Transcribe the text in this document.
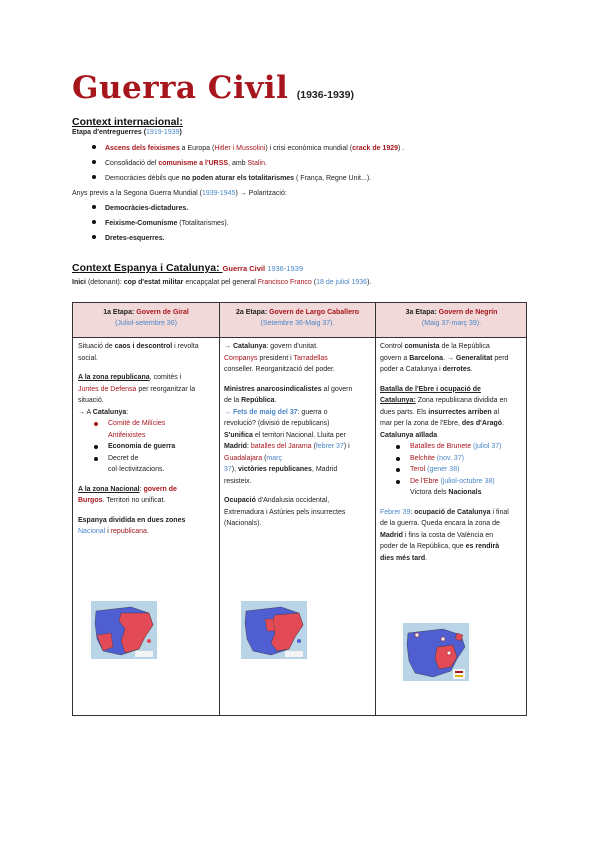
Guerra Civil (1936-1939)
Context internacional:
Etapa d'entreguerres (1919-1939)
Ascens dels feixismes a Europa (Hitler i Mussolini) i crisi econòmica mundial (crack de 1929) .
Consolidació del comunisme a l'URSS, amb Stalin.
Democràcies dèbils que no poden aturar els totalitarismes ( França, Regne Unit...).
Anys previs a la Segona Guerra Mundial (1939-1945) → Polarització:
Democràcies-dictadures.
Feixisme-Comunisme (Totalitarismes).
Dretes-esquerres.
Context Espanya i Catalunya: Guerra Civil 1936-1939
Inici (detonant): cop d'estat militar encapçalat pel general Francisco Franco (18 de juliol 1936).
1a Etapa: Govern de Giral
(Juliol-setembre 36)
2a Etapa: Govern de Largo Caballero
(Setembre 36-Maig 37).
3a Etapa: Govern de Negrín
(Maig 37-març 39).

Situació de caos i descontrol i revolta

social.

A la zona republicana, comitès i

Juntes de Defensa per reorganitzar la

situació.

→ A Catalunya:

Comitè de Milícies
Antifeixistes
Economia de guerra
Decret de
col·lectivitzacions.

A la zona Nacional: govern de

Burgos. Territori no unificat.

Espanya dividida en dues zones

Nacional i republicana.

→ Catalunya: govern d'unitat.

Companys president i Tarradellas

conseller. Reorganització del poder.

Ministres anarcosindicalistes al govern

de la República.

→ Fets de maig del 37: guerra o

revolució? (divisió de republicans)

S'unifica el territori Nacional. Lluita per

Madrid: batalles del Jarama (febrer 37) i

Guadalajara (març

37), victòries republicanes, Madrid

resisteix.

Ocupació d'Andalusia occidental,

Extremadura i Astúries pels insurrectes

(Nacionals).

Control comunista de la República

govern a Barcelona. → Generalitat perd

poder a Catalunya i derrotes.

Batalla de l'Ebre i ocupació de

Catalunya: Zona republicana dividida en

dues parts. Els insurrectes arriben al

mar per la zona de l'Ebre, des d'Aragó.

Catalunya aïllada

Batalles de Brunete (juliol 37)
Belchite (nov. 37)
Terol (gener 38)
De l'Ebre (juliol-octubre 38)
Victora dels Nacionals

Febrer 39: ocupació de Catalunya i final

de la guerra. Queda encara la zona de

Madrid i fins la costa de València en

poder de la República, que es rendirà

dies més tard.
